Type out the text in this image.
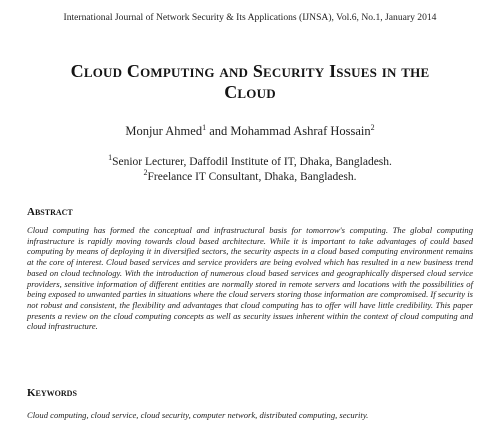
International Journal of Network Security & Its Applications (IJNSA), Vol.6, No.1, January 2014
Cloud Computing and Security Issues in the
Cloud
Monjur Ahmed$^1$ and Mohammad Ashraf Hossain$^2$
$^1$Senior Lecturer, Daffodil Institute of IT, Dhaka, Bangladesh.
$^2$Freelance IT Consultant, Dhaka, Bangladesh.
Abstract
Cloud computing has formed the conceptual and infrastructural basis for tomorrow's computing. The global computing infrastructure is rapidly moving towards cloud based architecture. While it is important to take advantages of could based computing by means of deploying it in diversified sectors, the security aspects in a cloud based computing environment remains at the core of interest. Cloud based services and service providers are being evolved which has resulted in a new business trend based on cloud technology. With the introduction of numerous cloud based services and geographically dispersed cloud service providers, sensitive information of different entities are normally stored in remote servers and locations with the possibilities of being exposed to unwanted parties in situations where the cloud servers storing those information are compromised. If security is not robust and consistent, the flexibility and advantages that cloud computing has to offer will have little credibility. This paper presents a review on the cloud computing concepts as well as security issues inherent within the context of cloud computing and cloud infrastructure.
Keywords
Cloud computing, cloud service, cloud security, computer network, distributed computing, security.
